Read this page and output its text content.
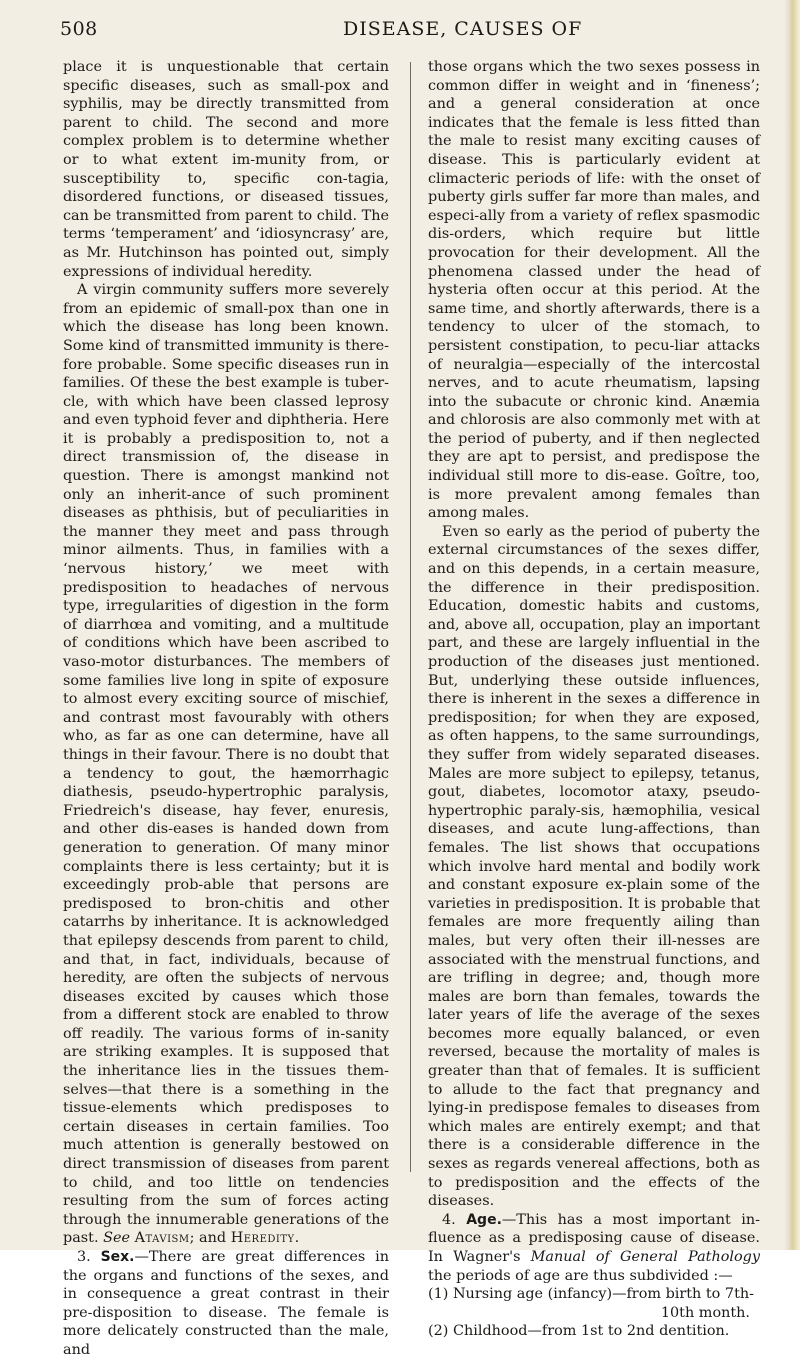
508	DISEASE, CAUSES OF

place it is unquestionable that certain specific diseases, such as small-pox and syphilis, may be directly transmitted from parent to child. The second and more complex problem is to determine whether or to what extent im-munity from, or susceptibility to, specific con-tagia, disordered functions, or diseased tissues, can be transmitted from parent to child. The terms ‘temperament’ and ‘idiosyncrasy’ are, as Mr. Hutchinson has pointed out, simply expressions of individual heredity.

A virgin community suffers more severely from an epidemic of small-pox than one in which the disease has long been known. Some kind of transmitted immunity is there-fore probable. Some specific diseases run in families. Of these the best example is tuber-cle, with which have been classed leprosy and even typhoid fever and diphtheria. Here it is probably a predisposition to, not a direct transmission of, the disease in question. There is amongst mankind not only an inherit-ance of such prominent diseases as phthisis, but of peculiarities in the manner they meet and pass through minor ailments. Thus, in families with a ‘nervous history,’ we meet with predisposition to headaches of nervous type, irregularities of digestion in the form of diarrhœa and vomiting, and a multitude of conditions which have been ascribed to vaso-motor disturbances. The members of some families live long in spite of exposure to almost every exciting source of mischief, and contrast most favourably with others who, as far as one can determine, have all things in their favour. There is no doubt that a tendency to gout, the hæmorrhagic diathesis, pseudo-hypertrophic paralysis, Friedreich's disease, hay fever, enuresis, and other dis-eases is handed down from generation to generation. Of many minor complaints there is less certainty; but it is exceedingly prob-able that persons are predisposed to bron-chitis and other catarrhs by inheritance. It is acknowledged that epilepsy descends from parent to child, and that, in fact, individuals, because of heredity, are often the subjects of nervous diseases excited by causes which those from a different stock are enabled to throw off readily. The various forms of in-sanity are striking examples. It is supposed that the inheritance lies in the tissues them-selves—that there is a something in the tissue-elements which predisposes to certain diseases in certain families. Too much attention is generally bestowed on direct transmission of diseases from parent to child, and too little on tendencies resulting from the sum of forces acting through the innumerable generations of the past. See Atavism; and Heredity.

3. Sex.—There are great differences in the organs and functions of the sexes, and in consequence a great contrast in their pre-disposition to disease. The female is more delicately constructed than the male, and

those organs which the two sexes possess in common differ in weight and in ‘fineness’; and a general consideration at once indicates that the female is less fitted than the male to resist many exciting causes of disease. This is particularly evident at climacteric periods of life: with the onset of puberty girls suffer far more than males, and especi-ally from a variety of reflex spasmodic dis-orders, which require but little provocation for their development. All the phenomena classed under the head of hysteria often occur at this period. At the same time, and shortly afterwards, there is a tendency to ulcer of the stomach, to persistent constipation, to pecu-liar attacks of neuralgia—especially of the intercostal nerves, and to acute rheumatism, lapsing into the subacute or chronic kind. Anæmia and chlorosis are also commonly met with at the period of puberty, and if then neglected they are apt to persist, and predispose the individual still more to dis-ease. Goître, too, is more prevalent among females than among males.

Even so early as the period of puberty the external circumstances of the sexes differ, and on this depends, in a certain measure, the difference in their predisposition. Education, domestic habits and customs, and, above all, occupation, play an important part, and these are largely influential in the production of the diseases just mentioned. But, underlying these outside influences, there is inherent in the sexes a difference in predisposition; for when they are exposed, as often happens, to the same surroundings, they suffer from widely separated diseases. Males are more subject to epilepsy, tetanus, gout, diabetes, locomotor ataxy, pseudo-hypertrophic paraly-sis, hæmophilia, vesical diseases, and acute lung-affections, than females. The list shows that occupations which involve hard mental and bodily work and constant exposure ex-plain some of the varieties in predisposition. It is probable that females are more frequently ailing than males, but very often their ill-nesses are associated with the menstrual functions, and are trifling in degree; and, though more males are born than females, towards the later years of life the average of the sexes becomes more equally balanced, or even reversed, because the mortality of males is greater than that of females. It is sufficient to allude to the fact that pregnancy and lying-in predispose females to diseases from which males are entirely exempt; and that there is a considerable difference in the sexes as regards venereal affections, both as to predisposition and the effects of the diseases.

4. Age.—This has a most important in-fluence as a predisposing cause of disease. In Wagner's Manual of General Pathology the periods of age are thus subdivided :—

(1) Nursing age (infancy)—from birth to 7th-
10th month.

(2) Childhood—from 1st to 2nd dentition.
